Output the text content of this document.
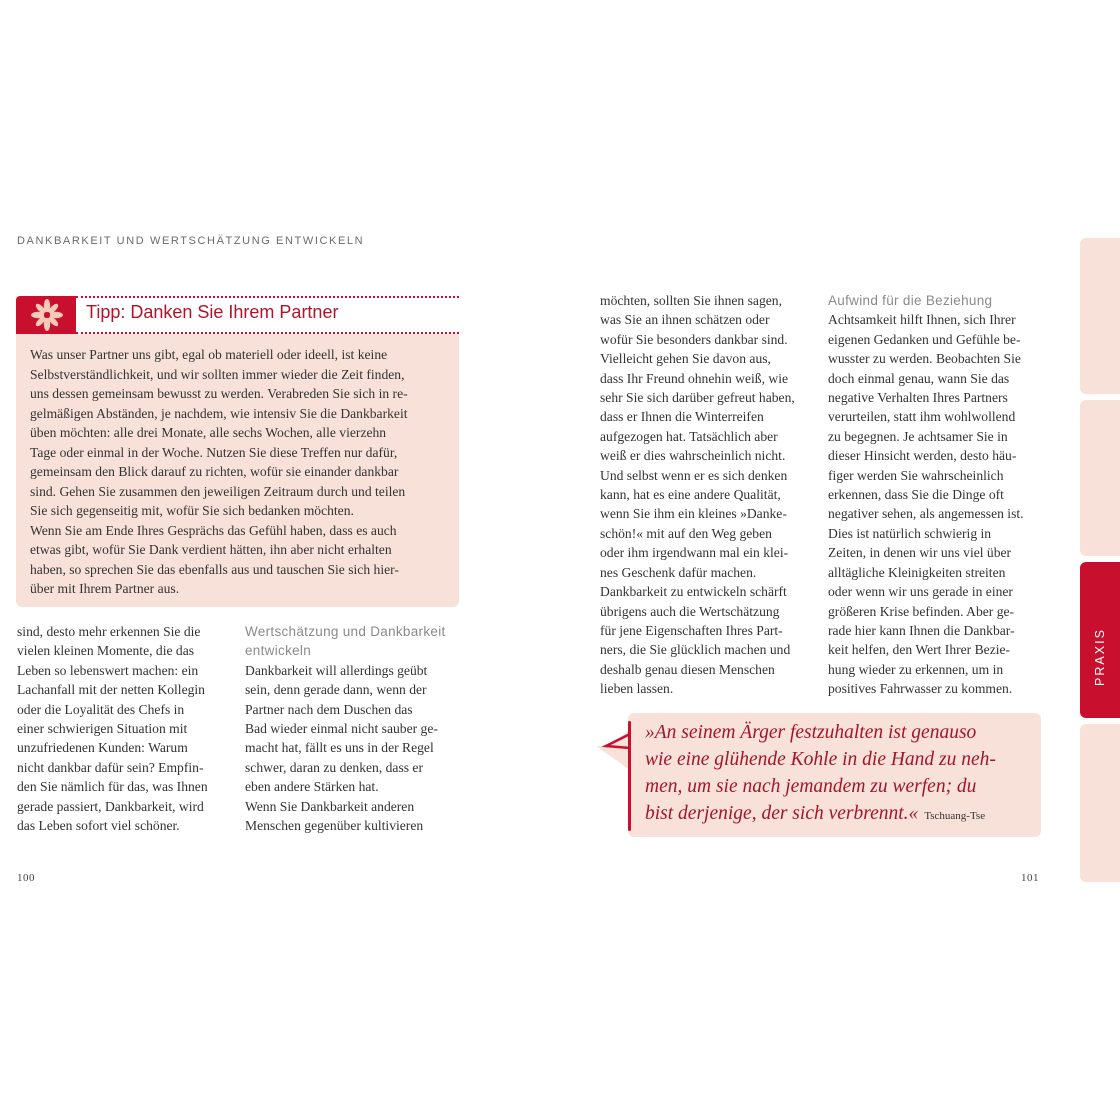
DANKBARKEIT UND WERTSCHÄTZUNG ENTWICKELN
Tipp: Danken Sie Ihrem Partner

Was unser Partner uns gibt, egal ob materiell oder ideell, ist keine

Selbstverständlichkeit, und wir sollten immer wieder die Zeit finden,

uns dessen gemeinsam bewusst zu werden. Verabreden Sie sich in re-

gelmäßigen Abständen, je nachdem, wie intensiv Sie die Dankbarkeit

üben möchten: alle drei Monate, alle sechs Wochen, alle vierzehn

Tage oder einmal in der Woche. Nutzen Sie diese Treffen nur dafür,

gemeinsam den Blick darauf zu richten, wofür sie einander dankbar

sind. Gehen Sie zusammen den jeweiligen Zeitraum durch und teilen

Sie sich gegenseitig mit, wofür Sie sich bedanken möchten.

Wenn Sie am Ende Ihres Gesprächs das Gefühl haben, dass es auch

etwas gibt, wofür Sie Dank verdient hätten, ihn aber nicht erhalten

haben, so sprechen Sie das ebenfalls aus und tauschen Sie sich hier-

über mit Ihrem Partner aus.

sind, desto mehr erkennen Sie die

vielen kleinen Momente, die das

Leben so lebenswert machen: ein

Lachanfall mit der netten Kollegin

oder die Loyalität des Chefs in

einer schwierigen Situation mit

unzufriedenen Kunden: Warum

nicht dankbar dafür sein? Empfin-

den Sie nämlich für das, was Ihnen

gerade passiert, Dankbarkeit, wird

das Leben sofort viel schöner.

Wertschätzung und Dankbarkeit
entwickeln

Dankbarkeit will allerdings geübt

sein, denn gerade dann, wenn der

Partner nach dem Duschen das

Bad wieder einmal nicht sauber ge-

macht hat, fällt es uns in der Regel

schwer, daran zu denken, dass er

eben andere Stärken hat.

Wenn Sie Dankbarkeit anderen

Menschen gegenüber kultivieren

möchten, sollten Sie ihnen sagen,

was Sie an ihnen schätzen oder

wofür Sie besonders dankbar sind.

Vielleicht gehen Sie davon aus,

dass Ihr Freund ohnehin weiß, wie

sehr Sie sich darüber gefreut haben,

dass er Ihnen die Winterreifen

aufgezogen hat. Tatsächlich aber

weiß er dies wahrscheinlich nicht.

Und selbst wenn er es sich denken

kann, hat es eine andere Qualität,

wenn Sie ihm ein kleines »Danke-

schön!« mit auf den Weg geben

oder ihm irgendwann mal ein klei-

nes Geschenk dafür machen.

Dankbarkeit zu entwickeln schärft

übrigens auch die Wertschätzung

für jene Eigenschaften Ihres Part-

ners, die Sie glücklich machen und

deshalb genau diesen Menschen

lieben lassen.

Aufwind für die Beziehung

Achtsamkeit hilft Ihnen, sich Ihrer

eigenen Gedanken und Gefühle be-

wusster zu werden. Beobachten Sie

doch einmal genau, wann Sie das

negative Verhalten Ihres Partners

verurteilen, statt ihm wohlwollend

zu begegnen. Je achtsamer Sie in

dieser Hinsicht werden, desto häu-

figer werden Sie wahrscheinlich

erkennen, dass Sie die Dinge oft

negativer sehen, als angemessen ist.

Dies ist natürlich schwierig in

Zeiten, in denen wir uns viel über

alltägliche Kleinigkeiten streiten

oder wenn wir uns gerade in einer

größeren Krise befinden. Aber ge-

rade hier kann Ihnen die Dankbar-

keit helfen, den Wert Ihrer Bezie-

hung wieder zu erkennen, um in

positives Fahrwasser zu kommen.

»An seinem Ärger festzuhalten ist genauso
wie eine glühende Kohle in die Hand zu neh-
men, um sie nach jemandem zu werfen; du
bist derjenige, der sich verbrennt.« Tschuang-Tse
100	101
PRAXIS
